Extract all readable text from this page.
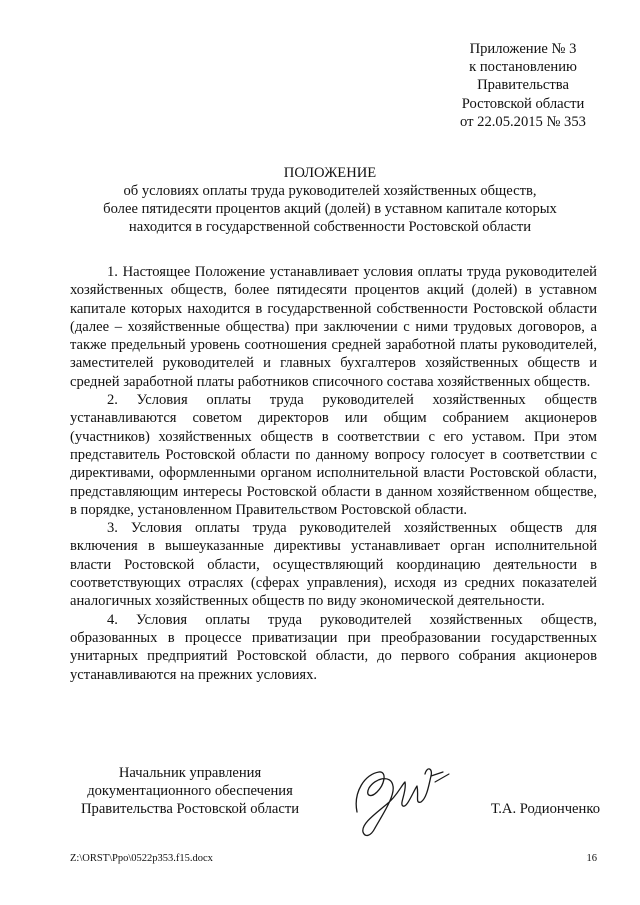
Приложение № 3
к постановлению
Правительства
Ростовской области
от 22.05.2015 № 353
ПОЛОЖЕНИЕ
об условиях оплаты труда руководителей хозяйственных обществ,
более пятидесяти процентов акций (долей) в уставном капитале которых
находится в государственной собственности Ростовской области

1. Настоящее Положение устанавливает условия оплаты труда руководителей хозяйственных обществ, более пятидесяти процентов акций (долей) в уставном капитале которых находится в государственной собственности Ростовской области (далее – хозяйственные общества) при заключении с ними трудовых договоров, а также предельный уровень соотношения средней заработной платы руководителей, заместителей руководителей и главных бухгалтеров хозяйственных обществ и средней заработной платы работников списочного состава хозяйственных обществ.

2. Условия оплаты труда руководителей хозяйственных обществ устанавливаются советом директоров или общим собранием акционеров (участников) хозяйственных обществ в соответствии с его уставом. При этом представитель Ростовской области по данному вопросу голосует в соответствии с директивами, оформленными органом исполнительной власти Ростовской области, представляющим интересы Ростовской области в данном хозяйственном обществе, в порядке, установленном Правительством Ростовской области.

3. Условия оплаты труда руководителей хозяйственных обществ для включения в вышеуказанные директивы устанавливает орган исполнительной власти Ростовской области, осуществляющий координацию деятельности в соответствующих отраслях (сферах управления), исходя из средних показателей аналогичных хозяйственных обществ по виду экономической деятельности.

4. Условия оплаты труда руководителей хозяйственных обществ, образованных в процессе приватизации при преобразовании государственных унитарных предприятий Ростовской области, до первого собрания акционеров устанавливаются на прежних условиях.

Начальник управления
документационного обеспечения
Правительства Ростовской области	Т.А. Родионченко
Z:\ORST\Ppo\0522p353.f15.docx	16
